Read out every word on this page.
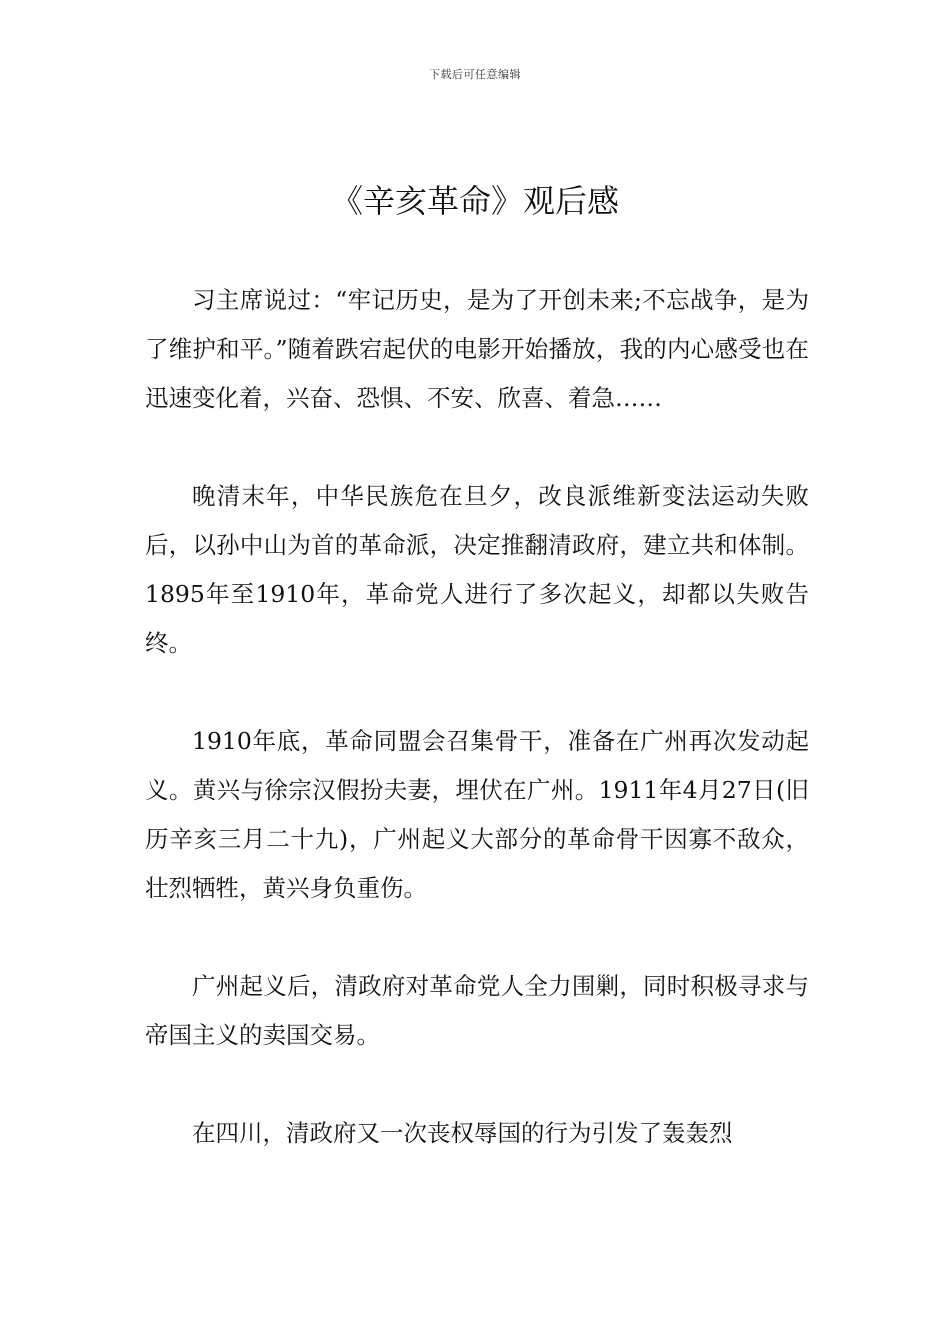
下载后可任意编辑
《辛亥革命》观后感

习主席说过：“牢记历史，是为了开创未来;不忘战争，是为了维护和平。”随着跌宕起伏的电影开始播放，我的内心感受也在迅速变化着，兴奋、恐惧、不安、欣喜、着急……

晚清末年，中华民族危在旦夕，改良派维新变法运动失败后，以孙中山为首的革命派，决定推翻清政府，建立共和体制。1895年至1910年，革命党人进行了多次起义，却都以失败告终。

1910年底，革命同盟会召集骨干，准备在广州再次发动起义。黄兴与徐宗汉假扮夫妻，埋伏在广州。1911年4月27日(旧历辛亥三月二十九)，广州起义大部分的革命骨干因寡不敌众，壮烈牺牲，黄兴身负重伤。

广州起义后，清政府对革命党人全力围剿，同时积极寻求与帝国主义的卖国交易。

在四川，清政府又一次丧权辱国的行为引发了轰轰烈
